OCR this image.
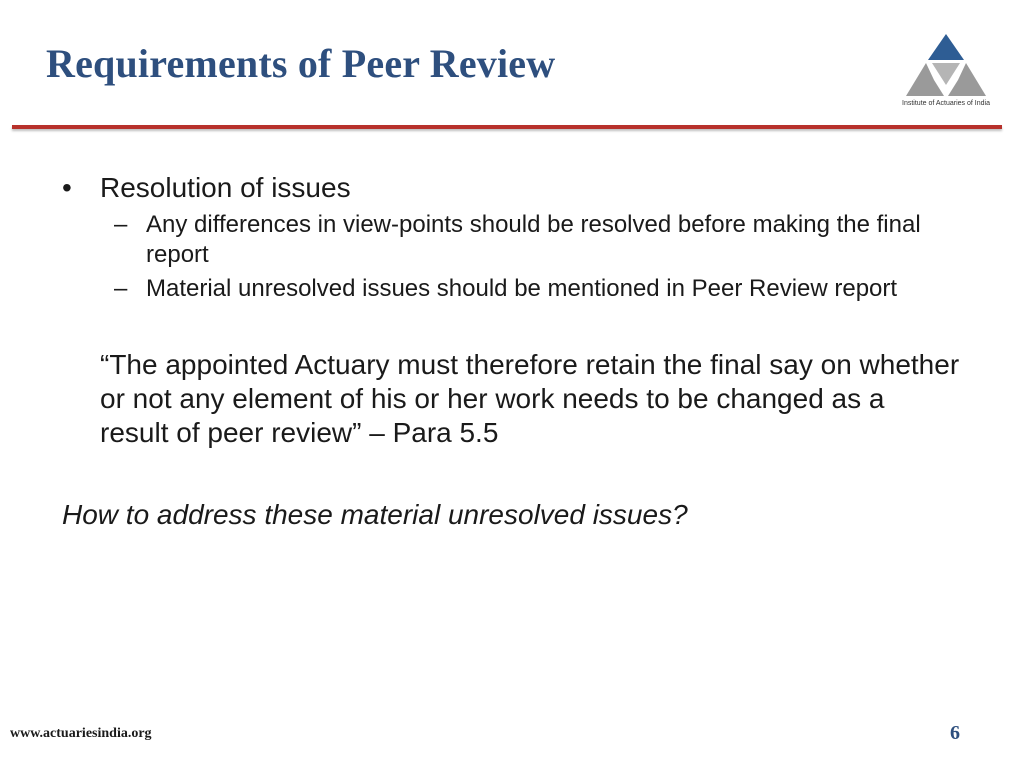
Requirements of Peer Review
Institute of Actuaries of India
•	Resolution of issues
– Any differences in view-points should be resolved before making the final report
– Material unresolved issues should be mentioned in Peer Review report
“The appointed Actuary must therefore retain the final say on whether or not any element of his or her work needs to be changed as a result of peer review” – Para 5.5
How to address these material unresolved issues?
www.actuariesindia.org	6
